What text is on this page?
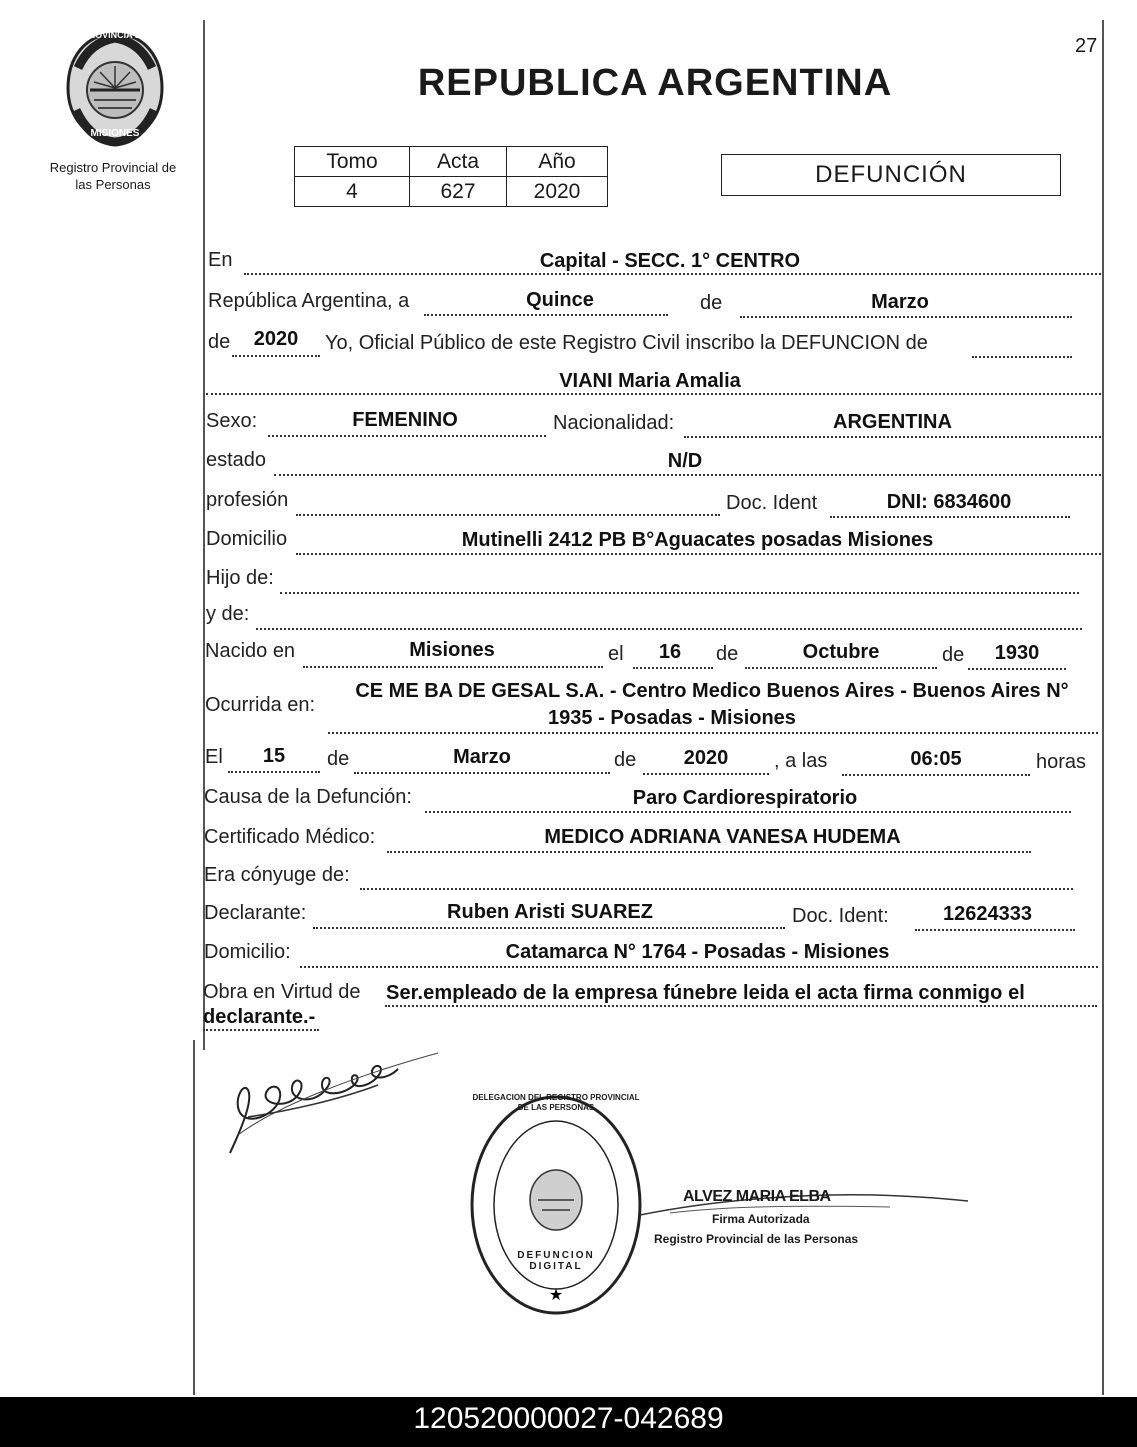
27
PROVINCIA DE
MISIONES
Registro Provincial de
las Personas
REPUBLICA ARGENTINA
Tomo	Acta	Año
4	627	2020
DEFUNCIÓN
En	Capital - SECC. 1° CENTRO
República Argentina, a	Quince	de	Marzo
de	2020	Yo, Oficial Público de este Registro Civil inscribo la DEFUNCION de
VIANI Maria Amalia
Sexo:	FEMENINO	Nacionalidad:	ARGENTINA
estado	N/D
profesión	Doc. Ident	DNI: 6834600
Domicilio	Mutinelli 2412 PB B°Aguacates posadas Misiones
Hijo de:
y de:
Nacido en	Misiones	el	16	de	Octubre	de	1930
Ocurrida en:
CE ME BA DE GESAL S.A. - Centro Medico Buenos Aires - Buenos Aires N°
1935 - Posadas - Misiones
El	15	de	Marzo	de	2020	, a las	06:05	horas
Causa de la Defunción:	Paro Cardiorespiratorio
Certificado Médico:	MEDICO ADRIANA VANESA HUDEMA
Era cónyuge de:
Declarante:	Ruben Aristi SUAREZ	Doc. Ident:	12624333
Domicilio:	Catamarca N° 1764 - Posadas - Misiones
Obra en Virtud de Ser.empleado de la empresa fúnebre leida el acta firma conmigo el
declarante.-
★
DELEGACION DEL REGISTRO PROVINCIAL DE LAS PERSONAS
DEFUNCION DIGITAL
ALVEZ MARIA ELBA
Firma Autorizada
Registro Provincial de las Personas
120520000027-042689
